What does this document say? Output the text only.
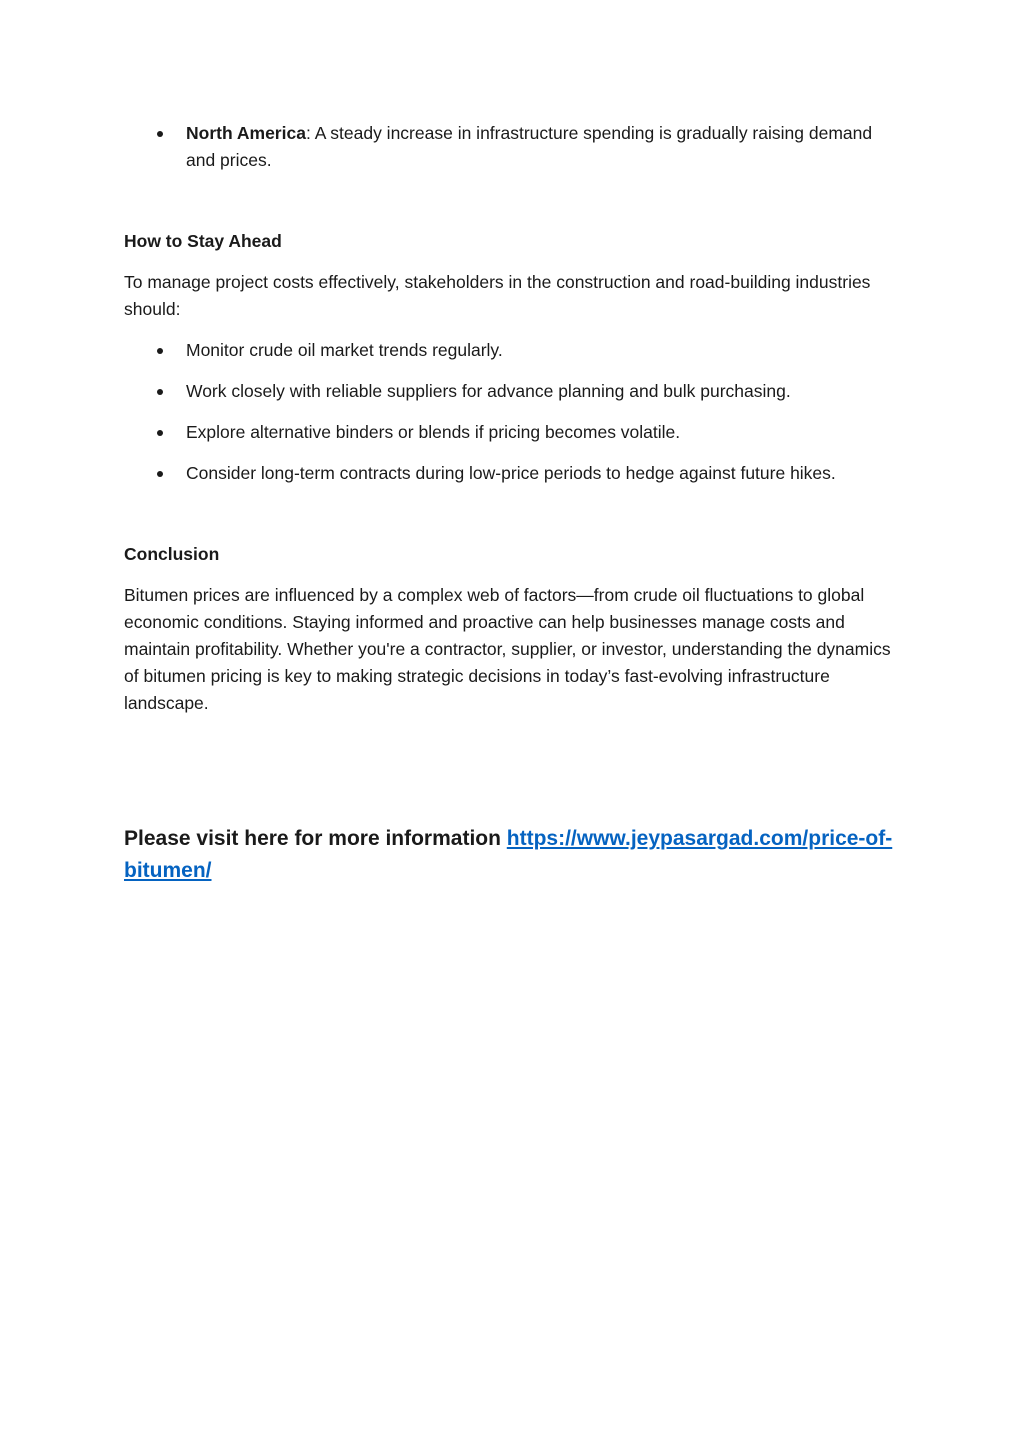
North America: A steady increase in infrastructure spending is gradually raising demand and prices.
How to Stay Ahead

To manage project costs effectively, stakeholders in the construction and road-building industries should:

Monitor crude oil market trends regularly.
Work closely with reliable suppliers for advance planning and bulk purchasing.
Explore alternative binders or blends if pricing becomes volatile.
Consider long-term contracts during low-price periods to hedge against future hikes.
Conclusion

Bitumen prices are influenced by a complex web of factors—from crude oil fluctuations to global economic conditions. Staying informed and proactive can help businesses manage costs and maintain profitability. Whether you're a contractor, supplier, or investor, understanding the dynamics of bitumen pricing is key to making strategic decisions in today’s fast-evolving infrastructure landscape.

Please visit here for more information https://www.jeypasargad.com/price-of-bitumen/
